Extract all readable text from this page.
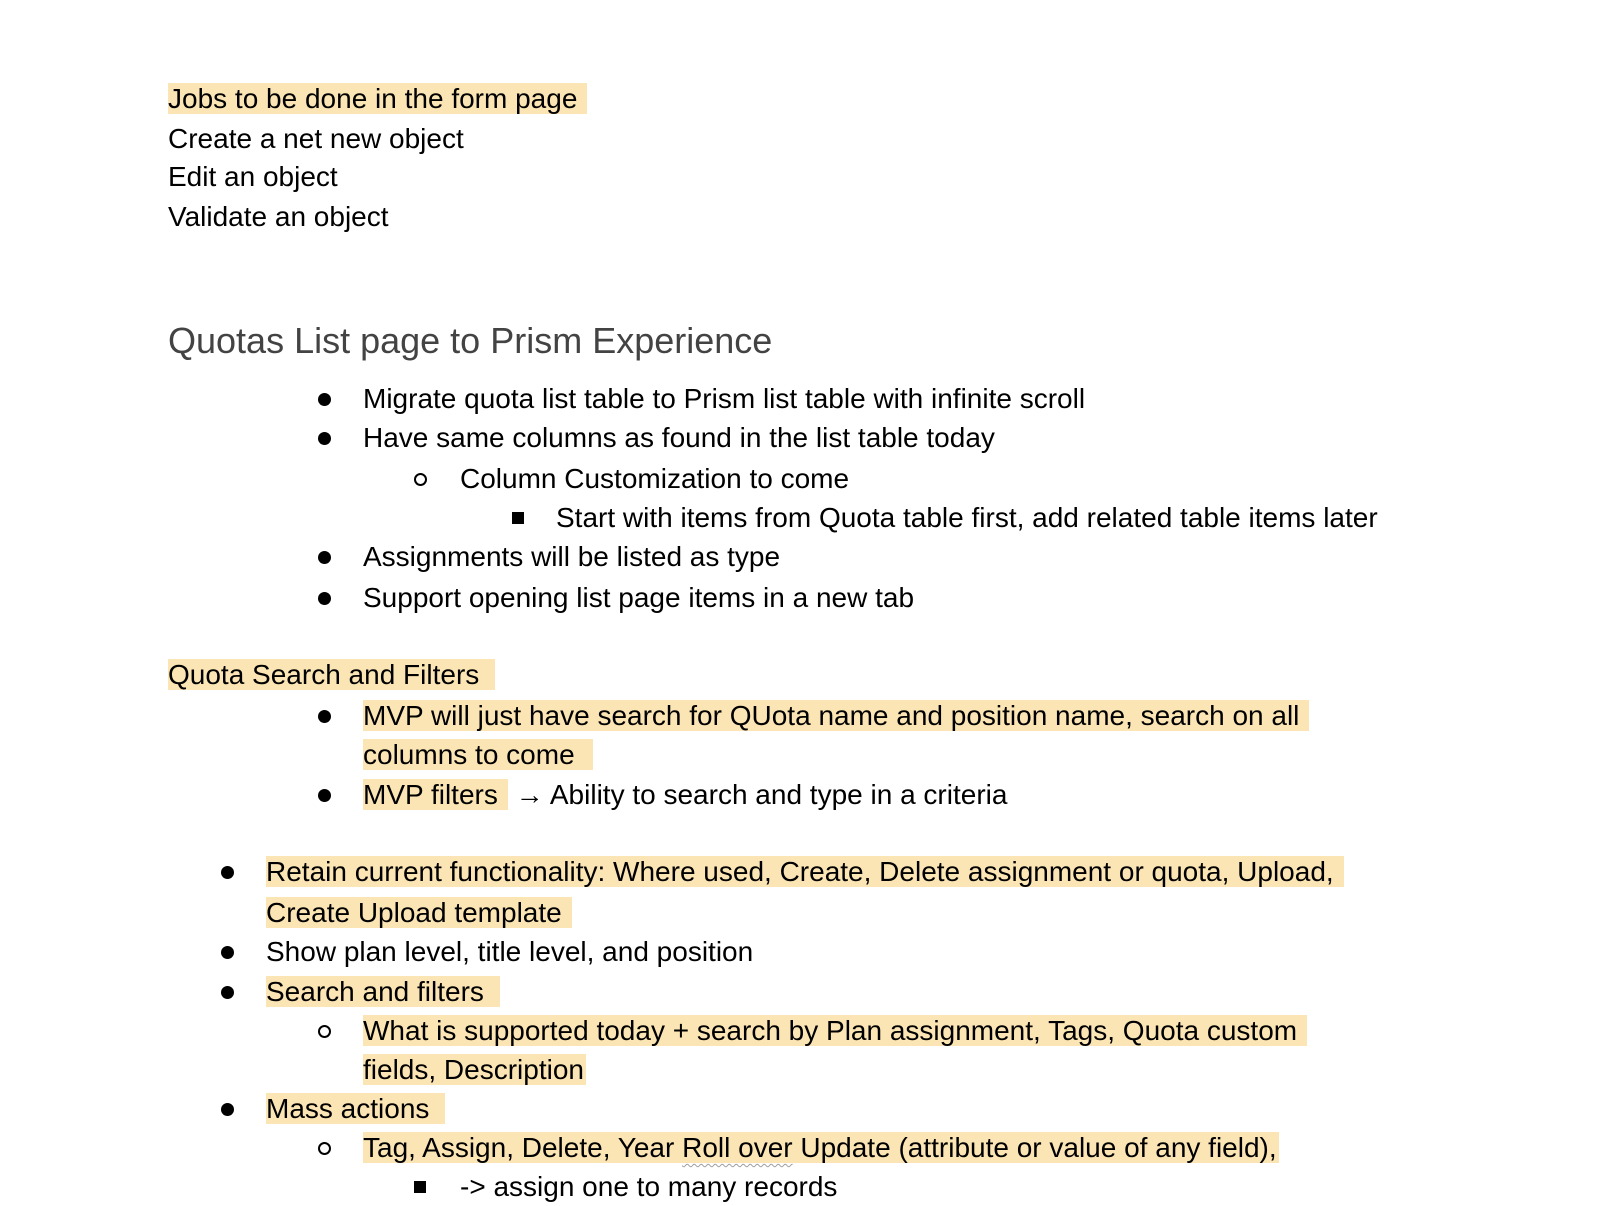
Jobs to be done in the form page
Create a net new object
Edit an object
Validate an object
Quotas List page to Prism Experience
Migrate quota list table to Prism list table with infinite scroll
Have same columns as found in the list table today
Column Customization to come
Start with items from Quota table first, add related table items later
Assignments will be listed as type
Support opening list page items in a new tab
Quota Search and Filters
MVP will just have search for QUota name and position name, search on all
columns to come
MVP filters → Ability to search and type in a criteria
Retain current functionality: Where used, Create, Delete assignment or quota, Upload,
Create Upload template
Show plan level, title level, and position
Search and filters
What is supported today + search by Plan assignment, Tags, Quota custom
fields, Description
Mass actions
Tag, Assign, Delete, Year Roll over Update (attribute or value of any field),
-> assign one to many records
